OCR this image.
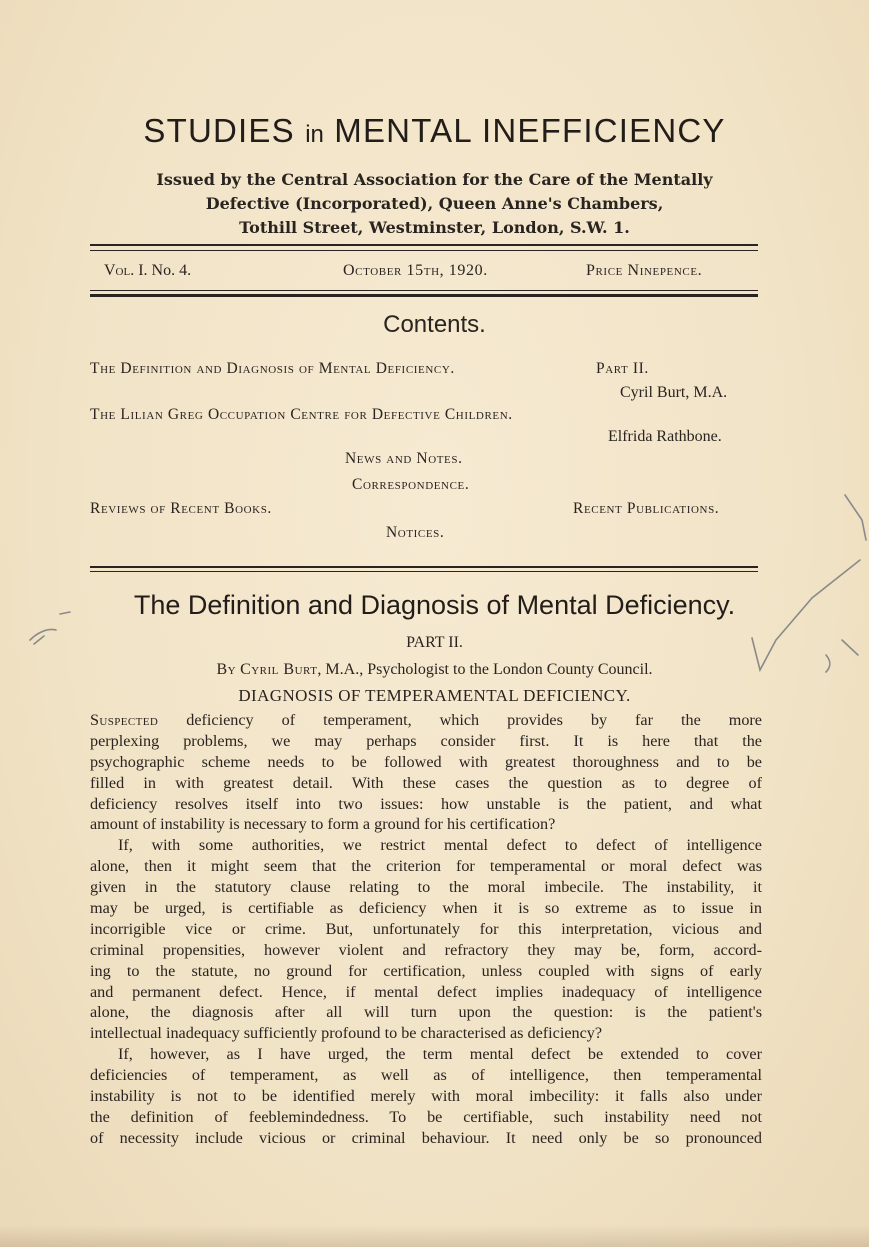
STUDIES in MENTAL INEFFICIENCY
Issued by the Central Association for the Care of the Mentally
Defective (Incorporated), Queen Anne's Chambers,
Tothill Street, Westminster, London, S.W. 1.
Vol. I. No. 4.	October 15th, 1920.	Price Ninepence.
Contents.
The Definition and Diagnosis of Mental Deficiency.	Part II.
Cyril Burt, M.A.
The Lilian Greg Occupation Centre for Defective Children.
Elfrida Rathbone.
News and Notes.
Correspondence.
Reviews of Recent Books.	Recent Publications.
Notices.
The Definition and Diagnosis of Mental Deficiency.
PART II.
By Cyril Burt, M.A., Psychologist to the London County Council.
DIAGNOSIS OF TEMPERAMENTAL DEFICIENCY.
Suspected deficiency of temperament, which provides by far the more
perplexing problems, we may perhaps consider first. It is here that the
psychographic scheme needs to be followed with greatest thoroughness and to be
filled in with greatest detail. With these cases the question as to degree of
deficiency resolves itself into two issues: how unstable is the patient, and what
amount of instability is necessary to form a ground for his certification?
If, with some authorities, we restrict mental defect to defect of intelligence
alone, then it might seem that the criterion for temperamental or moral defect was
given in the statutory clause relating to the moral imbecile. The instability, it
may be urged, is certifiable as deficiency when it is so extreme as to issue in
incorrigible vice or crime. But, unfortunately for this interpretation, vicious and
criminal propensities, however violent and refractory they may be, form, accord-
ing to the statute, no ground for certification, unless coupled with signs of early
and permanent defect. Hence, if mental defect implies inadequacy of intelligence
alone, the diagnosis after all will turn upon the question: is the patient's
intellectual inadequacy sufficiently profound to be characterised as deficiency?
If, however, as I have urged, the term mental defect be extended to cover
deficiencies of temperament, as well as of intelligence, then temperamental
instability is not to be identified merely with moral imbecility: it falls also under
the definition of feeblemindedness. To be certifiable, such instability need not
of necessity include vicious or criminal behaviour. It need only be so pronounced
